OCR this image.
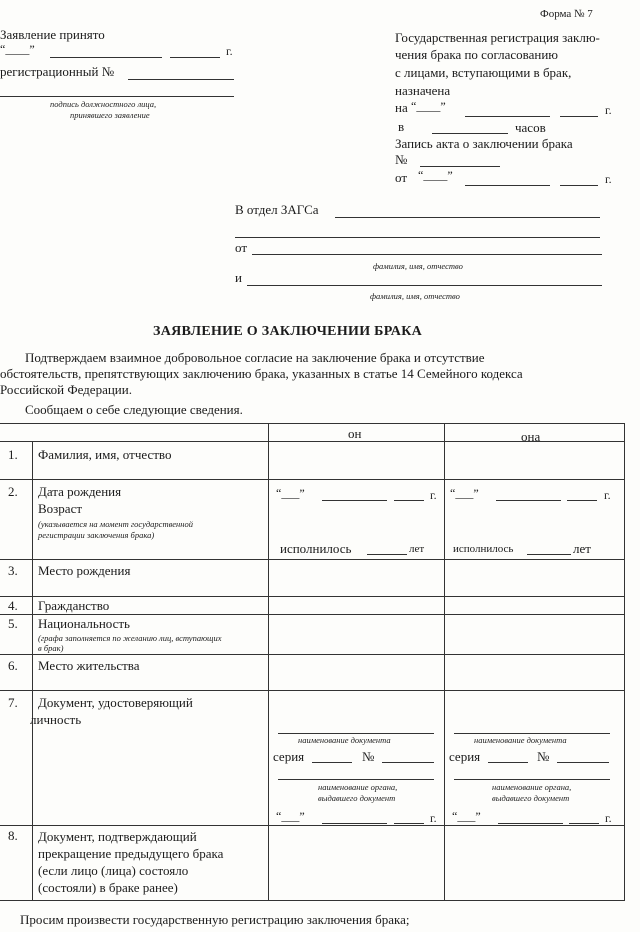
Форма № 7
Заявление принято
“____”	г.
регистрационный №
подпись должностного лица,
принявшего заявление
Государственная регистрация заклю-
чения брака по согласованию
с лицами, вступающими в брак,
назначена
на “____”	г.
в	часов
Запись акта о заключении брака
№
от “____”	г.
В отдел ЗАГСа
от
фамилия, имя, отчество
и
фамилия, имя, отчество
ЗАЯВЛЕНИЕ О ЗАКЛЮЧЕНИИ БРАКА
Подтверждаем взаимное добровольное согласие на заключение брака и отсутствие
обстоятельств, препятствующих заключению брака, указанных в статье 14 Семейного кодекса
Российской Федерации.
Сообщаем о себе следующие сведения.
он	она
1. Фамилия, имя, отчество
2. Дата рождения
Возраст
(указывается на момент государственной
регистрации заключения брака)
“___”	г. “___”	г.
исполнилось	лет	исполнилось	лет
3. Место рождения
4. Гражданство
5. Национальность
(графа заполняется по желанию лиц, вступающих
в брак)
6. Место жительства
7. Документ, удостоверяющий
личность
наименование документа
серия	№
наименование органа,
выдавшего документ
“___”	г.
наименование документа
серия	№
наименование органа,
выдавшего документ
“___”	г.
8. Документ, подтверждающий
прекращение предыдущего брака
(если лицо (лица) состояло
(состояли) в браке ранее)
Просим произвести государственную регистрацию заключения брака;
